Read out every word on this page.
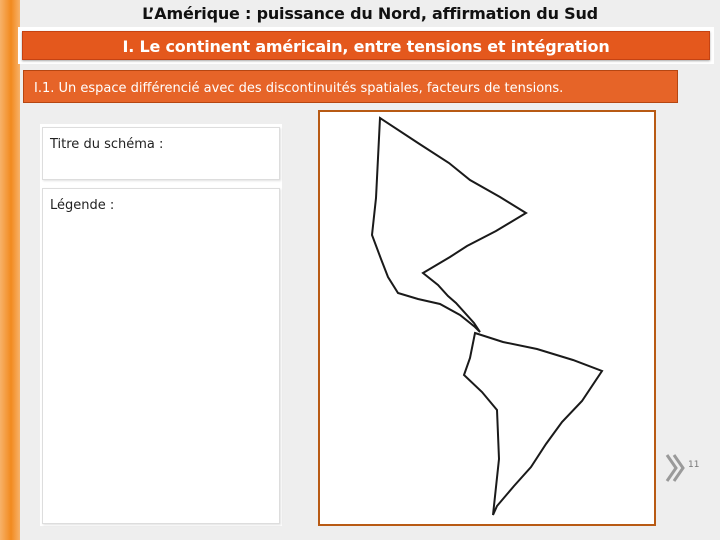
L’Amérique : puissance du Nord, affirmation du Sud
I. Le continent américain, entre tensions et intégration
I.1. Un espace différencié avec des discontinuités spatiales, facteurs de tensions.
Titre du schéma :
Légende :
11
